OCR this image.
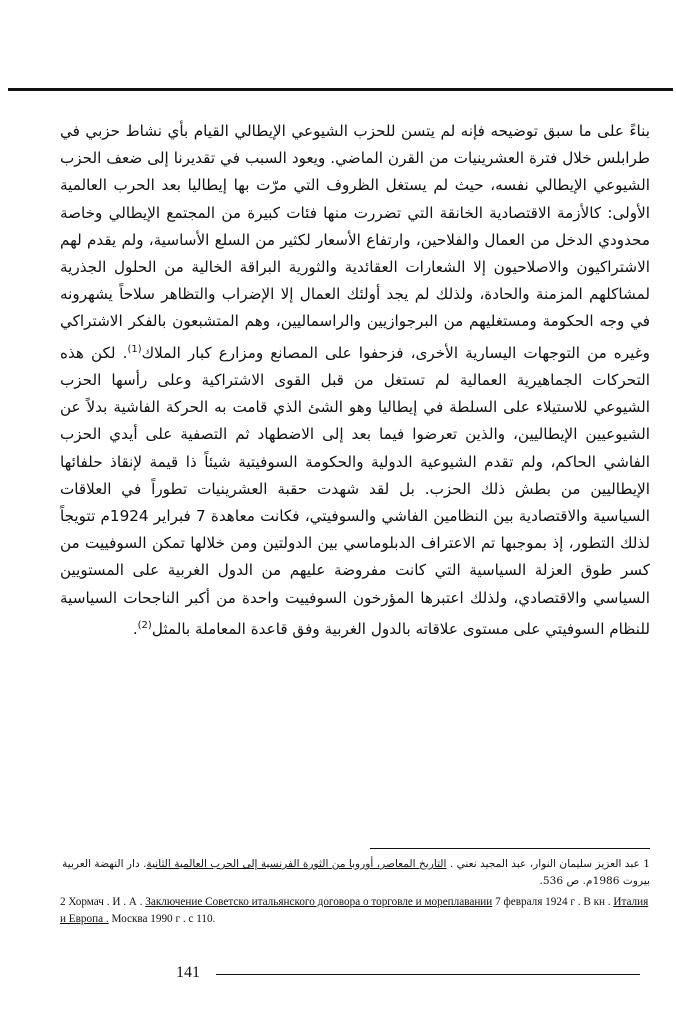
بناءً على ما سبق توضيحه فإنه لم يتسن للحزب الشيوعي الإيطالي القيام بأي نشاط حزبي في طرابلس خلال فترة العشرينيات من القرن الماضي. ويعود السبب في تقديرنا إلى ضعف الحزب الشيوعي الإيطالي نفسه، حيث لم يستغل الظروف التي مرّت بها إيطاليا بعد الحرب العالمية الأولى: كالأزمة الاقتصادية الخانقة التي تضررت منها فئات كبيرة من المجتمع الإيطالي وخاصة محدودي الدخل من العمال والفلاحين، وارتفاع الأسعار لكثير من السلع الأساسية، ولم يقدم لهم الاشتراكيون والاصلاحيون إلا الشعارات العقائدية والثورية البراقة الخالية من الحلول الجذرية لمشاكلهم المزمنة والحادة، ولذلك لم يجد أولئك العمال إلا الإضراب والتظاهر سلاحاً يشهرونه في وجه الحكومة ومستغليهم من البرجوازيين والراسماليين، وهم المتشبعون بالفكر الاشتراكي وغيره من التوجهات اليسارية الأخرى، فزحفوا على المصانع ومزارع كبار الملاك$^{(1)}$. لكن هذه التحركات الجماهيرية العمالية لم تستغل من قبل القوى الاشتراكية وعلى رأسها الحزب الشيوعي للاستيلاء على السلطة في إيطاليا وهو الشئ الذي قامت به الحركة الفاشية بدلاً عن الشيوعيين الإيطاليين، والذين تعرضوا فيما بعد إلى الاضطهاد ثم التصفية على أيدي الحزب الفاشي الحاكم، ولم تقدم الشيوعية الدولية والحكومة السوفيتية شيئاً ذا قيمة لإنقاذ حلفائها الإيطاليين من بطش ذلك الحزب. بل لقد شهدت حقبة العشرينيات تطوراً في العلاقات السياسية والاقتصادية بين النظامين الفاشي والسوفيتي، فكانت معاهدة 7 فبراير 1924م تتويجاً لذلك التطور، إذ بموجبها تم الاعتراف الدبلوماسي بين الدولتين ومن خلالها تمكن السوفييت من كسر طوق العزلة السياسية التي كانت مفروضة عليهم من الدول الغربية على المستويين السياسي والاقتصادي، ولذلك اعتبرها المؤرخون السوفييت واحدة من أكبر الناجحات السياسية للنظام السوفيتي على مستوى علاقاته بالدول الغربية وفق قاعدة المعاملة بالمثل$^{(2)}$.

1 عبد العزيز سليمان النوار، عبد المجيد نعني . التاريخ المعاصر، أوروبا من الثورة الفرنسية إلى الحرب العالمية الثانية. دار النهضة العربية بيروت 1986م. ص 536.

2 Хормач . И . А . Заключение Советско итальянского договора о торговле и мореплавании 7 февраля 1924 г . В кн . Италия и Европа . Москва 1990 г . с 110.

141
